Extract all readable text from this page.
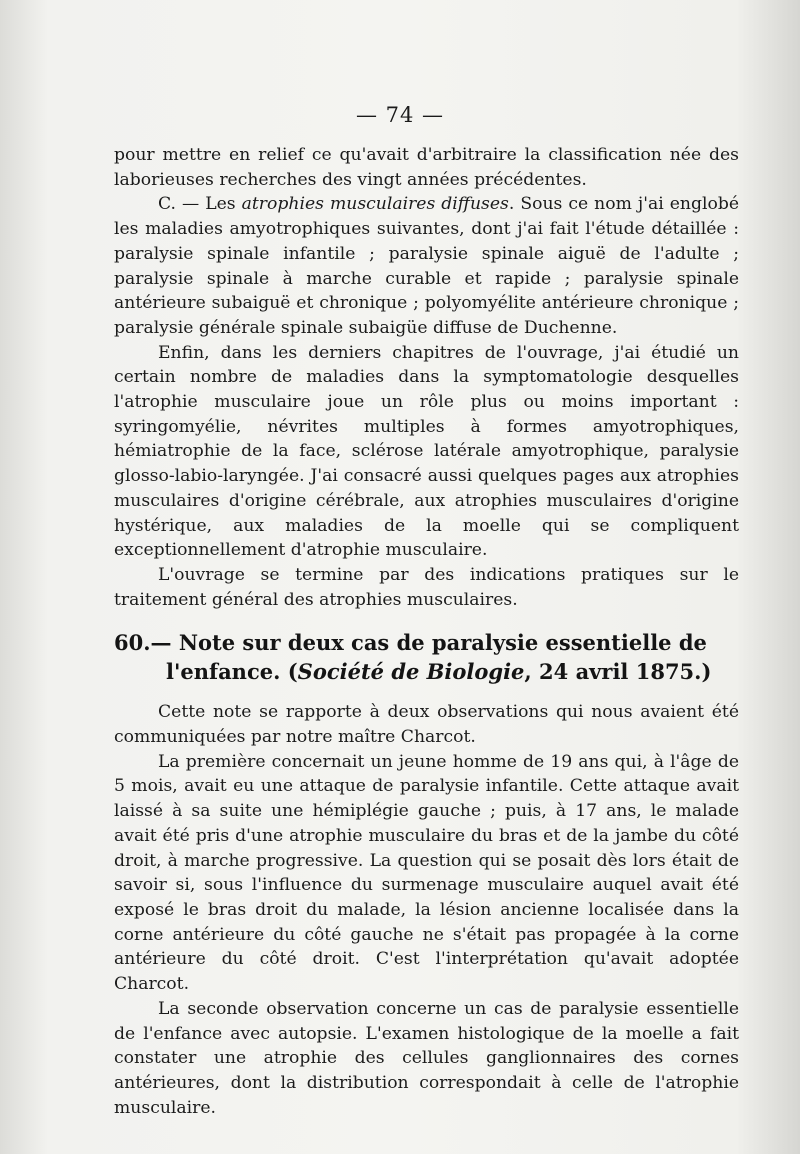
— 74 —

pour mettre en relief ce qu'avait d'arbitraire la classification née des laborieuses recherches des vingt années précédentes.

C. — Les atrophies musculaires diffuses. Sous ce nom j'ai englobé les maladies amyotrophiques suivantes, dont j'ai fait l'étude détaillée : paralysie spinale infantile ; paralysie spinale aiguë de l'adulte ; paralysie spinale à marche curable et rapide ; paralysie spinale antérieure subaiguë et chronique ; polyomyélite antérieure chronique ; paralysie générale spinale subaigüe diffuse de Duchenne.

Enfin, dans les derniers chapitres de l'ouvrage, j'ai étudié un certain nombre de maladies dans la symptomatologie desquelles l'atrophie musculaire joue un rôle plus ou moins important : syringomyélie, névrites multiples à formes amyotrophiques, hémiatrophie de la face, sclérose latérale amyotrophique, paralysie glosso-labio-laryngée. J'ai consacré aussi quelques pages aux atrophies musculaires d'origine cérébrale, aux atrophies musculaires d'origine hystérique, aux maladies de la moelle qui se compliquent exceptionnellement d'atrophie musculaire.

L'ouvrage se termine par des indications pratiques sur le traitement général des atrophies musculaires.

60.— Note sur deux cas de paralysie essentielle de l'enfance. (Société de Biologie, 24 avril 1875.)

Cette note se rapporte à deux observations qui nous avaient été communiquées par notre maître Charcot.

La première concernait un jeune homme de 19 ans qui, à l'âge de 5 mois, avait eu une attaque de paralysie infantile. Cette attaque avait laissé à sa suite une hémiplégie gauche ; puis, à 17 ans, le malade avait été pris d'une atrophie musculaire du bras et de la jambe du côté droit, à marche progressive. La question qui se posait dès lors était de savoir si, sous l'influence du surmenage musculaire auquel avait été exposé le bras droit du malade, la lésion ancienne localisée dans la corne antérieure du côté gauche ne s'était pas propagée à la corne antérieure du côté droit. C'est l'interprétation qu'avait adoptée Charcot.

La seconde observation concerne un cas de paralysie essentielle de l'enfance avec autopsie. L'examen histologique de la moelle a fait constater une atrophie des cellules ganglionnaires des cornes antérieures, dont la distribution correspondait à celle de l'atrophie musculaire.
